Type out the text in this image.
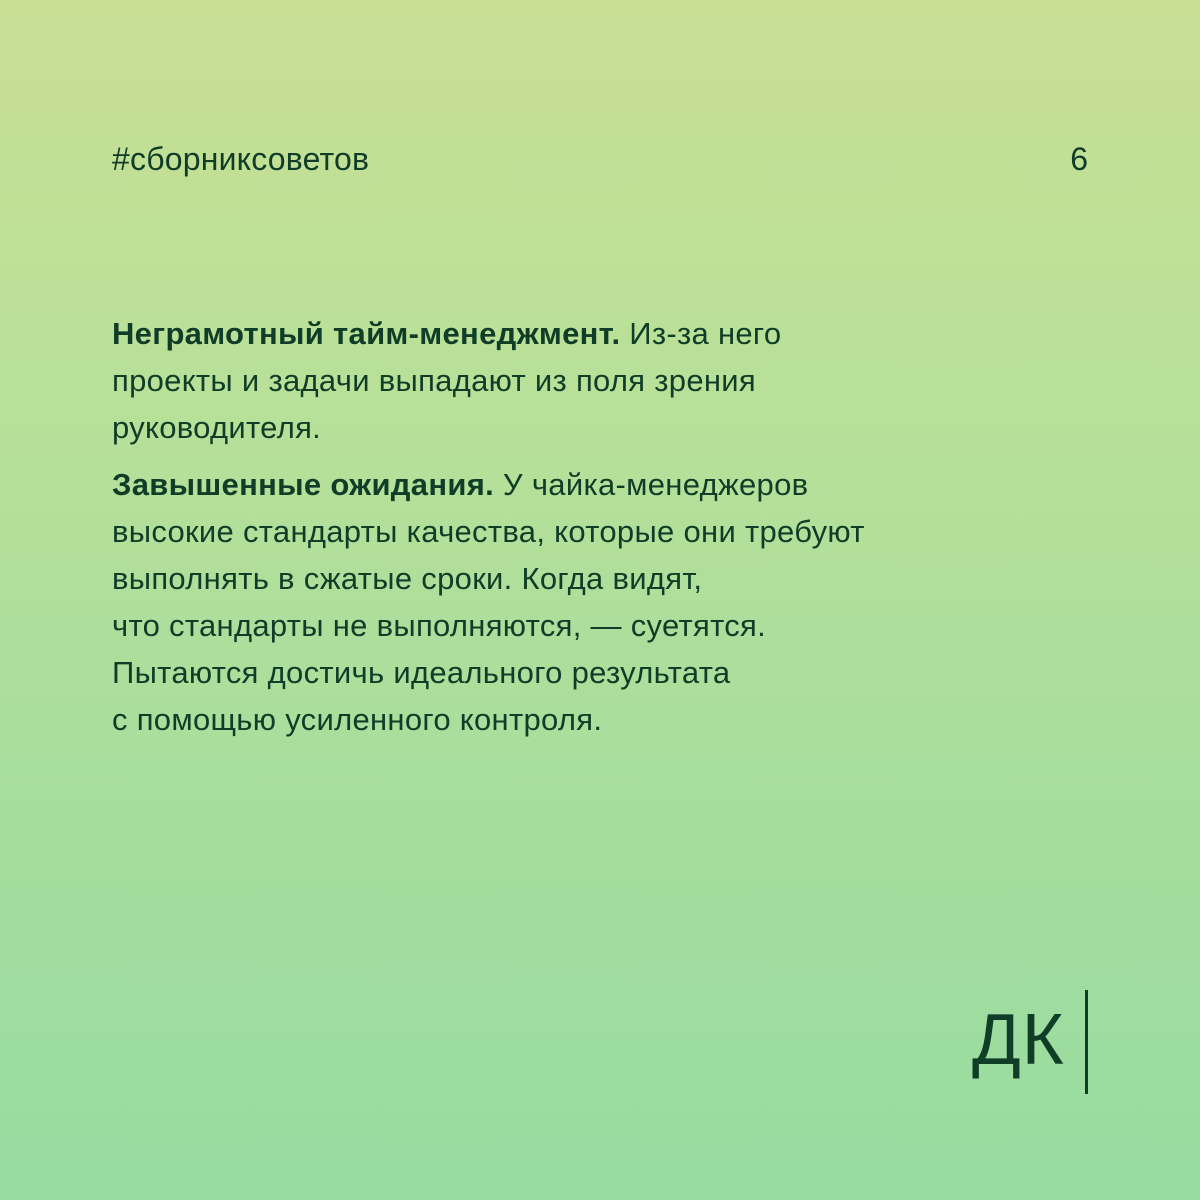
#сборниксоветов	6

Неграмотный тайм-менеджмент. Из-за него
проекты и задачи выпадают из поля зрения
руководителя.

Завышенные ожидания. У чайка-менеджеров
высокие стандарты качества, которые они требуют
выполнять в сжатые сроки. Когда видят,
что стандарты не выполняются, — суетятся.
Пытаются достичь идеального результата
с помощью усиленного контроля.

ДК
